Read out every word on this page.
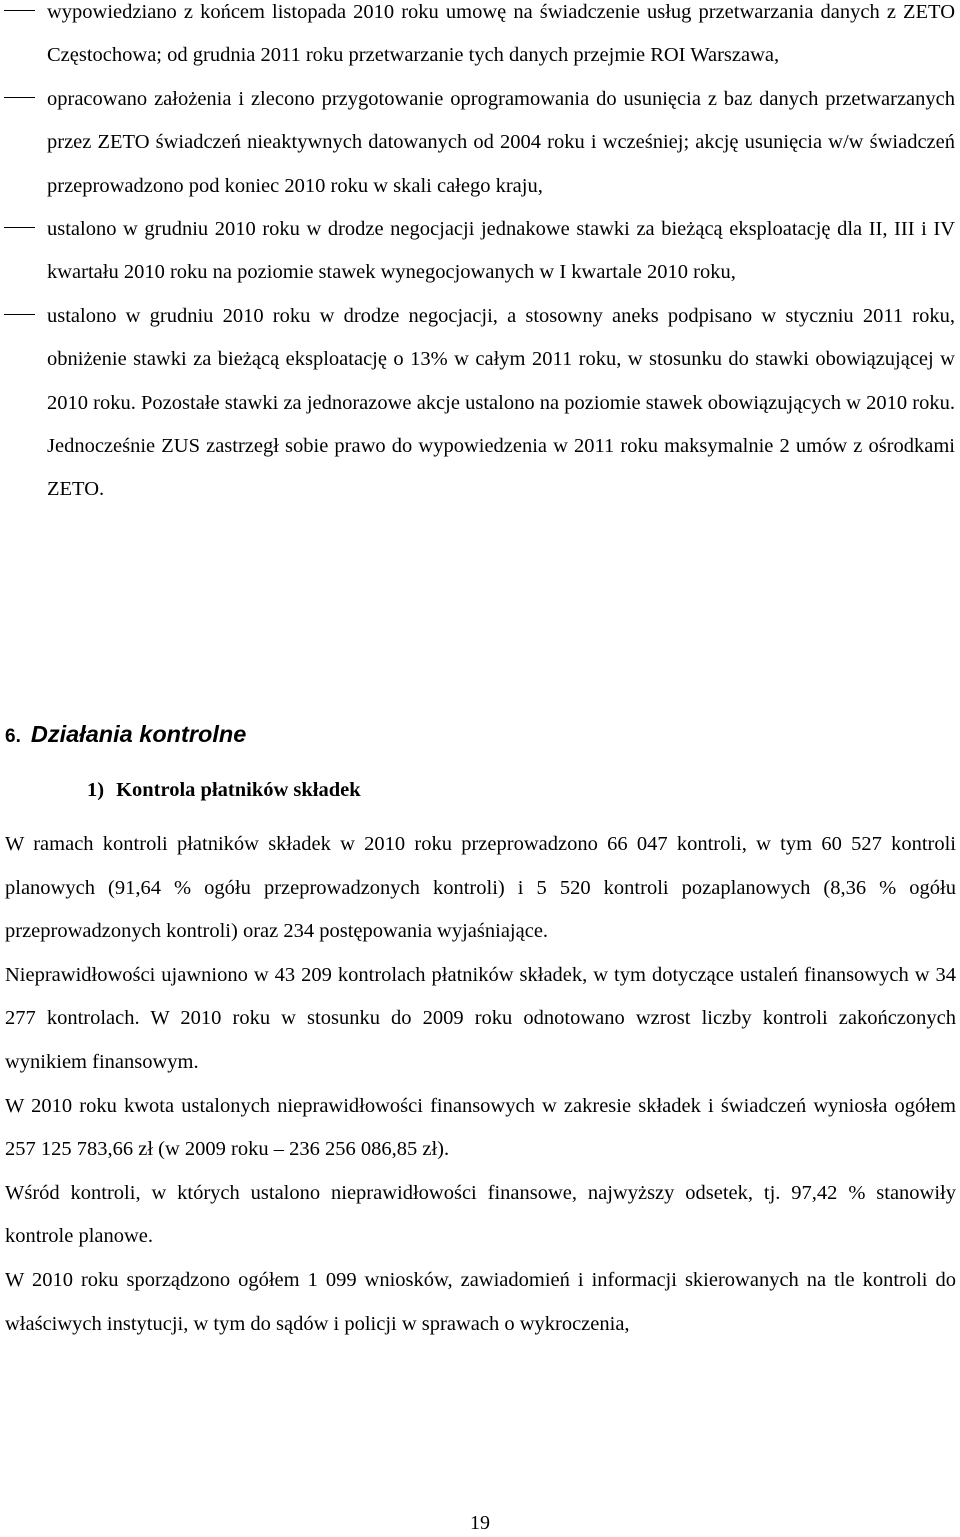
wypowiedziano z końcem listopada 2010 roku umowę na świadczenie usług przetwarzania danych z ZETO Częstochowa; od grudnia 2011 roku przetwarzanie tych danych przejmie ROI Warszawa,

opracowano założenia i zlecono przygotowanie oprogramowania do usunięcia z baz danych przetwarzanych przez ZETO świadczeń nieaktywnych datowanych od 2004 roku i wcześniej; akcję usunięcia w/w świadczeń przeprowadzono pod koniec 2010 roku w skali całego kraju,

ustalono w grudniu 2010 roku w drodze negocjacji jednakowe stawki za bieżącą eksploatację dla II, III i IV kwartału 2010 roku na poziomie stawek wynegocjowanych w I kwartale 2010 roku,

ustalono w grudniu 2010 roku w drodze negocjacji, a stosowny aneks podpisano w styczniu 2011 roku, obniżenie stawki za bieżącą eksploatację o 13% w całym 2011 roku, w stosunku do stawki obowiązującej w 2010 roku. Pozostałe stawki za jednorazowe akcje ustalono na poziomie stawek obowiązujących w 2010 roku. Jednocześnie ZUS zastrzegł sobie prawo do wypowiedzenia w 2011 roku maksymalnie 2 umów z ośrodkami ZETO.

6. Działania kontrolne
1) Kontrola płatników składek

W ramach kontroli płatników składek w 2010 roku przeprowadzono 66 047 kontroli, w tym 60 527 kontroli planowych (91,64 % ogółu przeprowadzonych kontroli) i 5 520 kontroli pozaplanowych (8,36 % ogółu przeprowadzonych kontroli) oraz 234 postępowania wyjaśniające.

Nieprawidłowości ujawniono w 43 209 kontrolach płatników składek, w tym dotyczące ustaleń finansowych w 34 277 kontrolach. W 2010 roku w stosunku do 2009 roku odnotowano wzrost liczby kontroli zakończonych wynikiem finansowym.

W 2010 roku kwota ustalonych nieprawidłowości finansowych w zakresie składek i świadczeń wyniosła ogółem 257 125 783,66 zł (w 2009 roku – 236 256 086,85 zł).

Wśród kontroli, w których ustalono nieprawidłowości finansowe, najwyższy odsetek, tj. 97,42 % stanowiły kontrole planowe.

W 2010 roku sporządzono ogółem 1 099 wniosków, zawiadomień i informacji skierowanych na tle kontroli do właściwych instytucji, w tym do sądów i policji w sprawach o wykroczenia,

19
